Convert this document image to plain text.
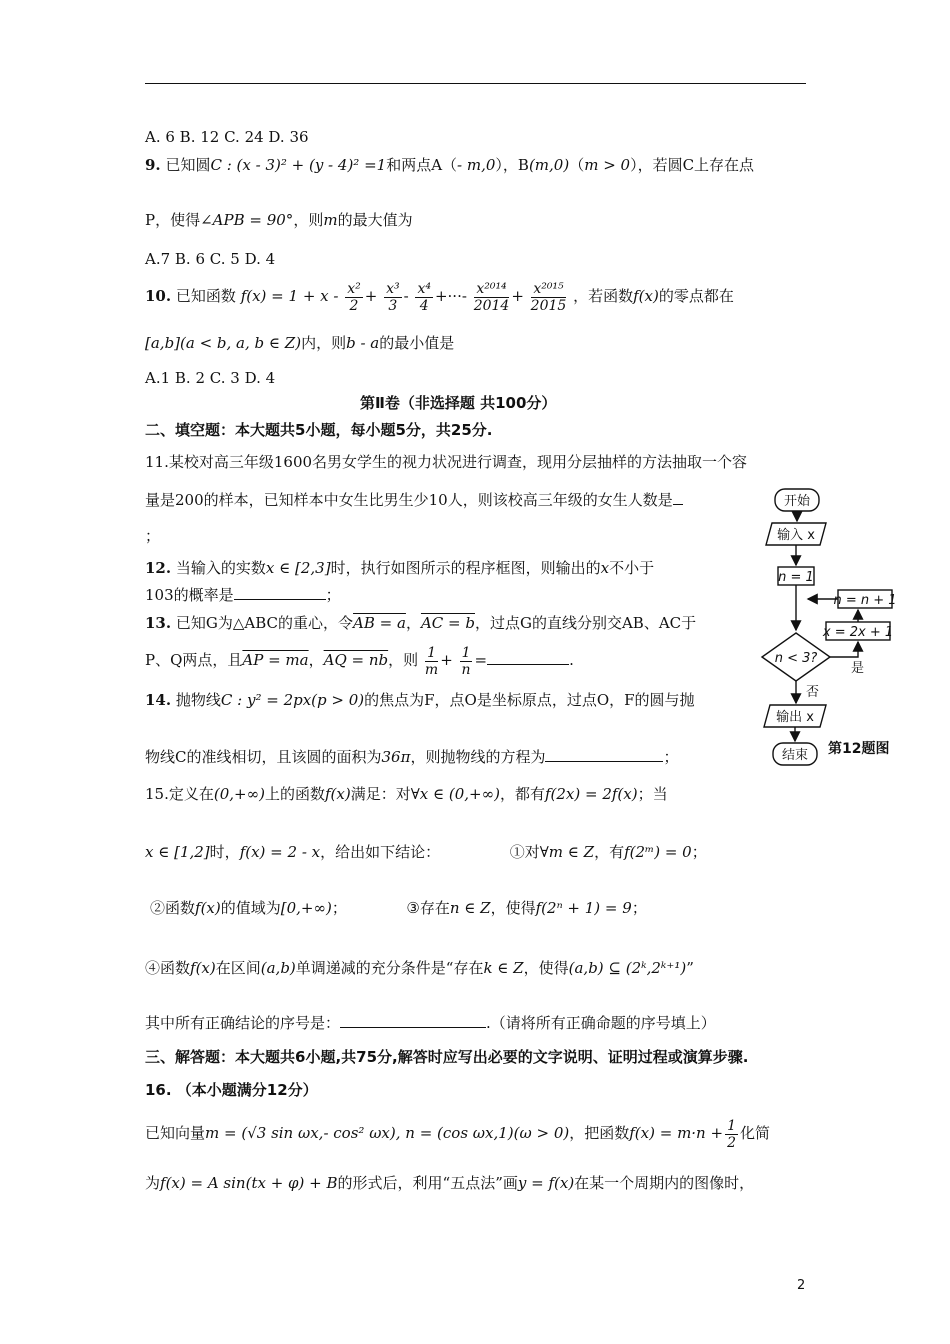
A. 6 B. 12 C. 24 D. 36
9. 已知圆C : (x - 3)² + (y - 4)² =1和两点A（- m,0），B(m,0)（m > 0），若圆C上存在点
P，使得∠APB = 90°，则m的最大值为
A.7 B. 6 C. 5 D. 4
10. 已知函数 $f(x) = 1 + x - \frac{\text{x²}}{2} + \frac{\text{x³}}{3} - \frac{\text{x⁴}}{4}$ +···- $\frac{\text{x²⁰¹⁴}}{2014} + \frac{\text{x²⁰¹⁵}}{2015}$ ，若函数f(x)的零点都在
[a,b](a < b, a, b ∈ Z)内，则b - a的最小值是
A.1 B. 2 C. 3 D. 4
第Ⅱ卷（非选择题 共100分）
二、填空题：本大题共5小题，每小题5分，共25分.
11.某校对高三年级1600名男女学生的视力状况进行调查，现用分层抽样的方法抽取一个容
量是200的样本，已知样本中女生比男生少10人，则该校高三年级的女生人数是
；
12. 当输入的实数x ∈ [2,3]时，执行如图所示的程序框图，则输出的x不小于
103的概率是	；
13. 已知G为△ABC的重心，令AB = a，AC = b，过点G的直线分别交AB、AC于
P、Q两点，且AP = ma，AQ = nb，则 $\frac{1}{m} + \frac{1}{n}$ =	.
14. 抛物线C : y² = 2px(p > 0)的焦点为F，点O是坐标原点，过点O，F的圆与抛
物线C的准线相切，且该圆的面积为36π，则抛物线的方程为	；
15.定义在(0,+∞)上的函数f(x)满足：对∀x ∈ (0,+∞)，都有f(2x) = 2f(x)；当
x ∈ [1,2]时，f(x) = 2 - x，给出如下结论：	①对∀m ∈ Z，有f(2ᵐ) = 0；
②函数f(x)的值域为[0,+∞)；	③存在n ∈ Z，使得f(2ⁿ + 1) = 9；
④函数f(x)在区间(a,b)单调递减的充分条件是“存在k ∈ Z，使得(a,b) ⊆ (2ᵏ,2ᵏ⁺¹)”
其中所有正确结论的序号是：	.（请将所有正确命题的序号填上）
三、解答题：本大题共6小题,共75分,解答时应写出必要的文字说明、证明过程或演算步骤.
16. （本小题满分12分）
已知向量m = (√3 sin ωx,- cos² ωx), n = (cos ωx,1)(ω > 0)，把函数$f(x) = m\cdot n + \frac{1}{2}$ 化简
为f(x) = A sin(tx + φ) + B的形式后，利用“五点法”画y = f(x)在某一个周期内的图像时，
开始
输入 x
n = 1
n = n + 1
x = 2x + 1
n < 3?
是
否
输出 x
结束 第12题图
2
